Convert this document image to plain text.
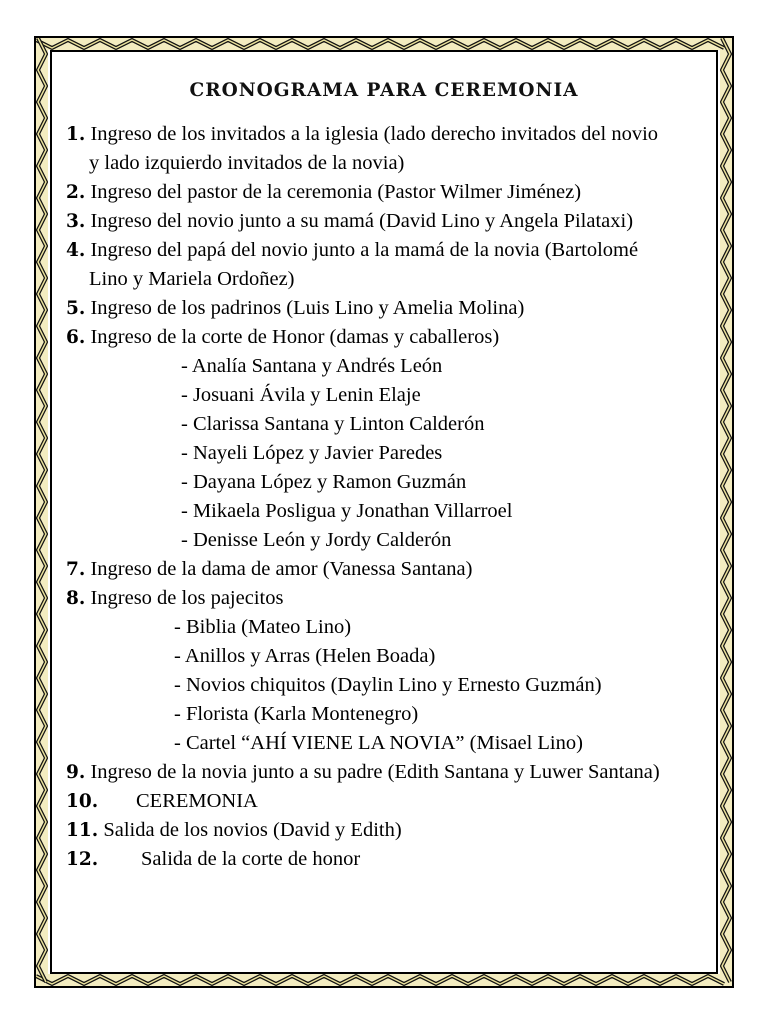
CRONOGRAMA PARA CEREMONIA
1. Ingreso de los invitados a la iglesia (lado derecho invitados del novio
y lado izquierdo invitados de la novia)
2. Ingreso del pastor de la ceremonia (Pastor Wilmer Jiménez)
3. Ingreso del novio junto a su mamá (David Lino y Angela Pilataxi)
4. Ingreso del papá del novio junto a la mamá de la novia (Bartolomé
Lino y Mariela Ordoñez)
5. Ingreso de los padrinos (Luis Lino y Amelia Molina)
6. Ingreso de la corte de Honor (damas y caballeros)
- Analía Santana y Andrés León
- Josuani Ávila y Lenin Elaje
- Clarissa Santana y Linton Calderón
- Nayeli López y Javier Paredes
- Dayana López y Ramon Guzmán
- Mikaela Posligua y Jonathan Villarroel
- Denisse León y Jordy Calderón
7. Ingreso de la dama de amor (Vanessa Santana)
8. Ingreso de los pajecitos
- Biblia (Mateo Lino)
- Anillos y Arras (Helen Boada)
- Novios chiquitos (Daylin Lino y Ernesto Guzmán)
- Florista (Karla Montenegro)
- Cartel “AHÍ VIENE LA NOVIA” (Misael Lino)
9. Ingreso de la novia junto a su padre (Edith Santana y Luwer Santana)
10. CEREMONIA
11. Salida de los novios (David y Edith)
12. Salida de la corte de honor
